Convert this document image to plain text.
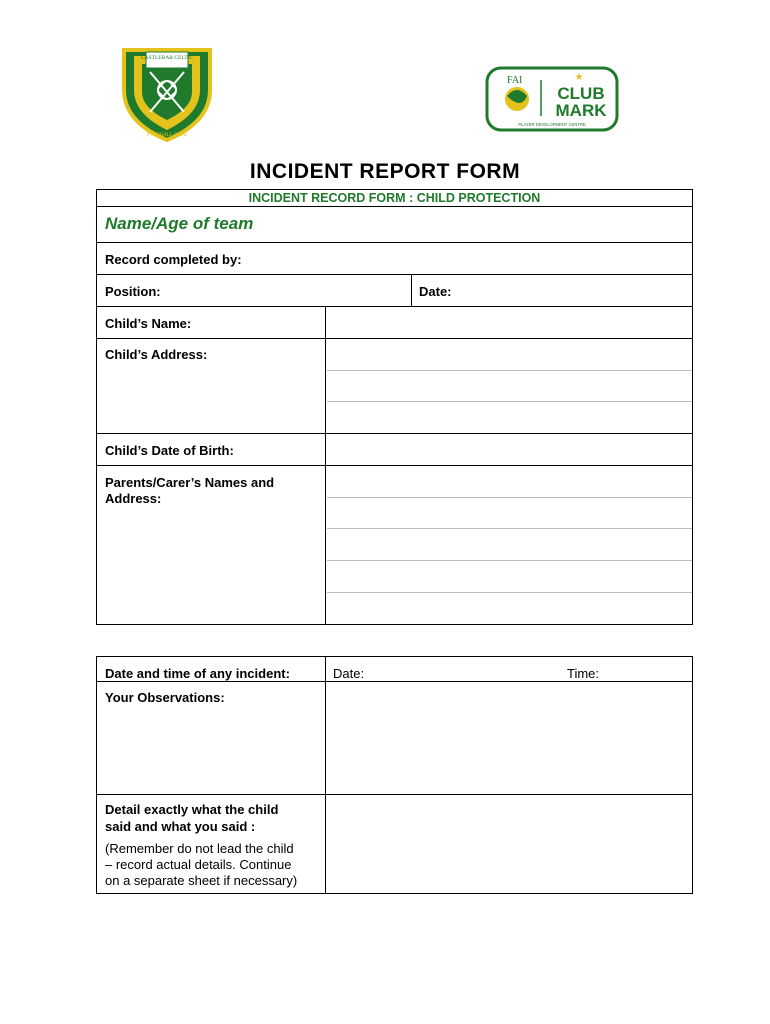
CASTLEBAR CELTIC
FOOTBALL CLUB
FAI	★
CLUB
MARK
PLAYER DEVELOPMENT CENTRE
INCIDENT REPORT FORM
INCIDENT RECORD FORM : CHILD PROTECTION
Name/Age of team
Record completed by:
Position:	Date:
Child’s Name:
Child’s Address:
Child’s Date of Birth:
Parents/Carer’s Names and
Address:
Date and time of any incident:	Date:	Time:
Your Observations:
Detail exactly what the child
said and what you said :
(Remember do not lead the child
– record actual details. Continue
on a separate sheet if necessary)
